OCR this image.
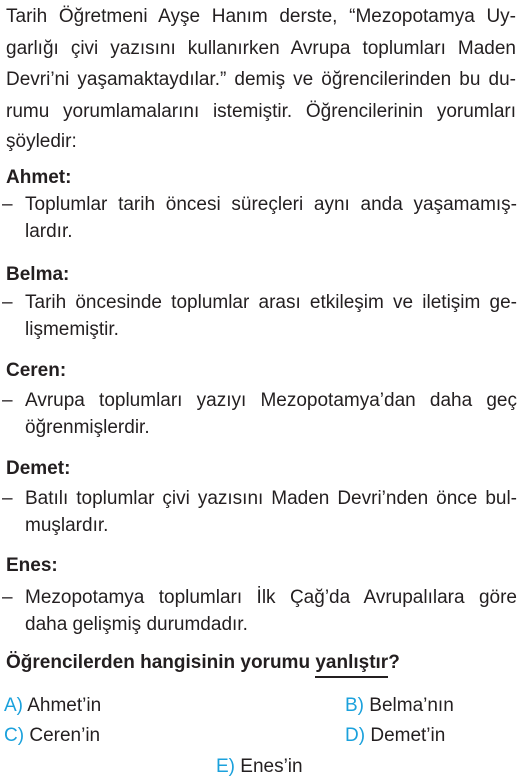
Tarih Öğretmeni Ayşe Hanım derste, “Mezopotamya Uy-
garlığı çivi yazısını kullanırken Avrupa toplumları Maden
Devri’ni yaşamaktaydılar.” demiş ve öğrencilerinden bu du-
rumu yorumlamalarını istemiştir. Öğrencilerinin yorumları
şöyledir:
Ahmet:
– Toplumlar tarih öncesi süreçleri aynı anda yaşamamış-
lardır.
Belma:
– Tarih öncesinde toplumlar arası etkileşim ve iletişim ge-
lişmemiştir.
Ceren:
– Avrupa toplumları yazıyı Mezopotamya’dan daha geç
öğrenmişlerdir.
Demet:
– Batılı toplumlar çivi yazısını Maden Devri’nden önce bul-
muşlardır.
Enes:
– Mezopotamya toplumları İlk Çağ’da Avrupalılara göre
daha gelişmiş durumdadır.
Öğrencilerden hangisinin yorumu yanlıştır?
A) Ahmet’in	B) Belma’nın
C) Ceren’in	D) Demet’in
E) Enes’in
